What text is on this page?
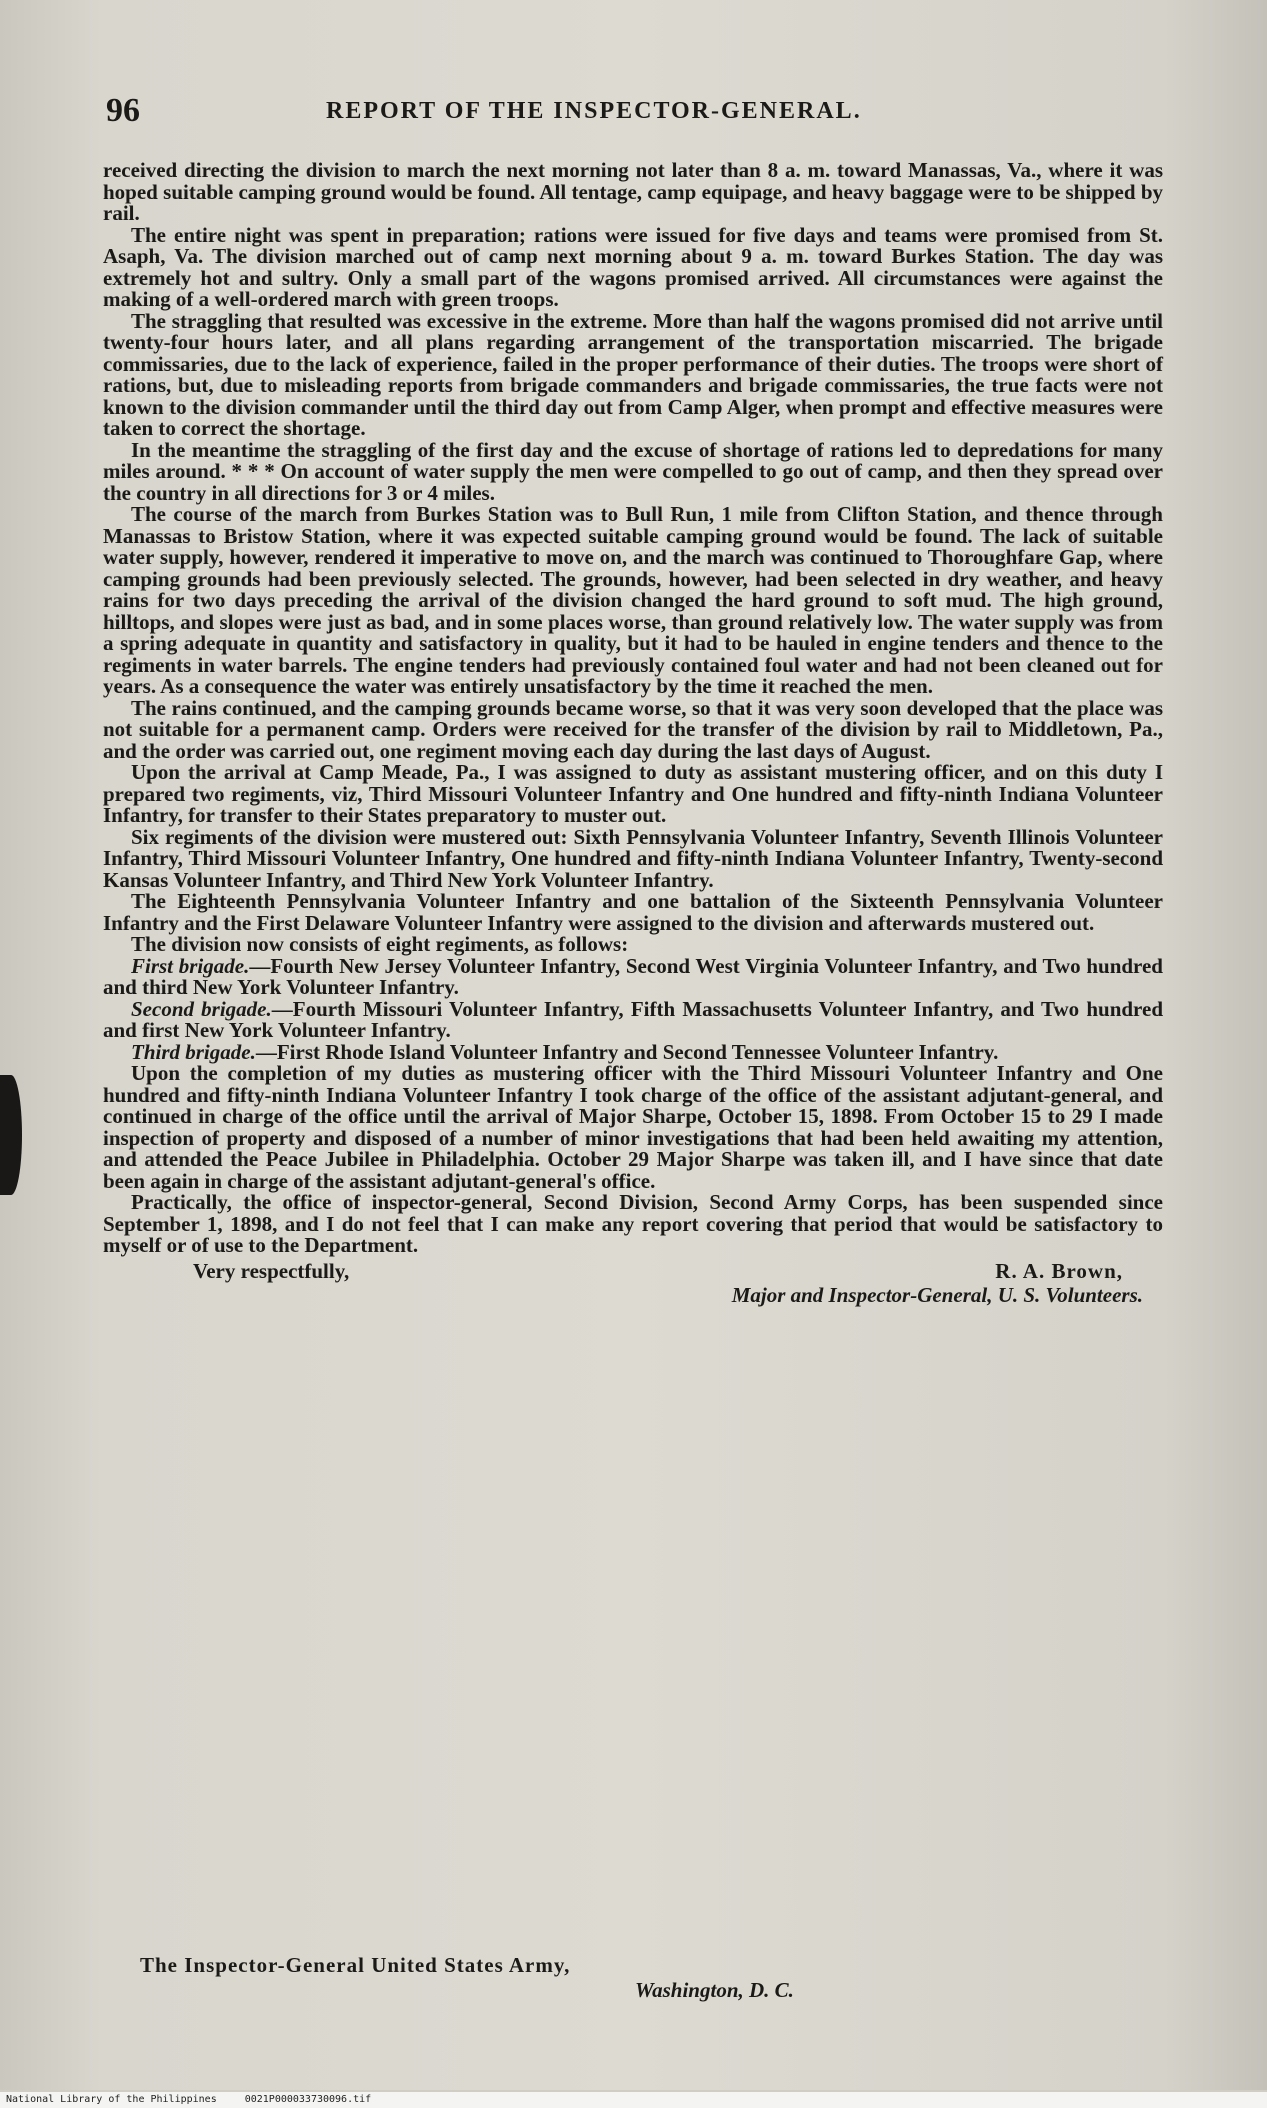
96	REPORT OF THE INSPECTOR-GENERAL.

received directing the division to march the next morning not later than 8 a. m. toward Manassas, Va., where it was hoped suitable camping ground would be found. All tentage, camp equipage, and heavy baggage were to be shipped by rail.

The entire night was spent in preparation; rations were issued for five days and teams were promised from St. Asaph, Va. The division marched out of camp next morning about 9 a. m. toward Burkes Station. The day was extremely hot and sultry. Only a small part of the wagons promised arrived. All circumstances were against the making of a well-ordered march with green troops.

The straggling that resulted was excessive in the extreme. More than half the wagons promised did not arrive until twenty-four hours later, and all plans regarding arrangement of the transportation miscarried. The brigade commissaries, due to the lack of experience, failed in the proper performance of their duties. The troops were short of rations, but, due to misleading reports from brigade commanders and brigade commissaries, the true facts were not known to the division commander until the third day out from Camp Alger, when prompt and effective measures were taken to correct the shortage.

In the meantime the straggling of the first day and the excuse of shortage of rations led to depredations for many miles around. * * * On account of water supply the men were compelled to go out of camp, and then they spread over the country in all directions for 3 or 4 miles.

The course of the march from Burkes Station was to Bull Run, 1 mile from Clifton Station, and thence through Manassas to Bristow Station, where it was expected suitable camping ground would be found. The lack of suitable water supply, however, rendered it imperative to move on, and the march was continued to Thoroughfare Gap, where camping grounds had been previously selected. The grounds, however, had been selected in dry weather, and heavy rains for two days preceding the arrival of the division changed the hard ground to soft mud. The high ground, hilltops, and slopes were just as bad, and in some places worse, than ground relatively low. The water supply was from a spring adequate in quantity and satisfactory in quality, but it had to be hauled in engine tenders and thence to the regiments in water barrels. The engine tenders had previously contained foul water and had not been cleaned out for years. As a consequence the water was entirely unsatisfactory by the time it reached the men.

The rains continued, and the camping grounds became worse, so that it was very soon developed that the place was not suitable for a permanent camp. Orders were received for the transfer of the division by rail to Middletown, Pa., and the order was carried out, one regiment moving each day during the last days of August.

Upon the arrival at Camp Meade, Pa., I was assigned to duty as assistant mustering officer, and on this duty I prepared two regiments, viz, Third Missouri Volunteer Infantry and One hundred and fifty-ninth Indiana Volunteer Infantry, for transfer to their States preparatory to muster out.

Six regiments of the division were mustered out: Sixth Pennsylvania Volunteer Infantry, Seventh Illinois Volunteer Infantry, Third Missouri Volunteer Infantry, One hundred and fifty-ninth Indiana Volunteer Infantry, Twenty-second Kansas Volunteer Infantry, and Third New York Volunteer Infantry.

The Eighteenth Pennsylvania Volunteer Infantry and one battalion of the Sixteenth Pennsylvania Volunteer Infantry and the First Delaware Volunteer Infantry were assigned to the division and afterwards mustered out.

The division now consists of eight regiments, as follows:

First brigade.—Fourth New Jersey Volunteer Infantry, Second West Virginia Volunteer Infantry, and Two hundred and third New York Volunteer Infantry.

Second brigade.—Fourth Missouri Volunteer Infantry, Fifth Massachusetts Volunteer Infantry, and Two hundred and first New York Volunteer Infantry.

Third brigade.—First Rhode Island Volunteer Infantry and Second Tennessee Volunteer Infantry.

Upon the completion of my duties as mustering officer with the Third Missouri Volunteer Infantry and One hundred and fifty-ninth Indiana Volunteer Infantry I took charge of the office of the assistant adjutant-general, and continued in charge of the office until the arrival of Major Sharpe, October 15, 1898. From October 15 to 29 I made inspection of property and disposed of a number of minor investigations that had been held awaiting my attention, and attended the Peace Jubilee in Philadelphia. October 29 Major Sharpe was taken ill, and I have since that date been again in charge of the assistant adjutant-general's office.

Practically, the office of inspector-general, Second Division, Second Army Corps, has been suspended since September 1, 1898, and I do not feel that I can make any report covering that period that would be satisfactory to myself or of use to the Department.

Very respectfully,	R. A. Brown,
Major and Inspector-General, U. S. Volunteers.
The Inspector-General United States Army,
Washington, D. C.
National Library of the Philippines	0021P000033730096.tif
